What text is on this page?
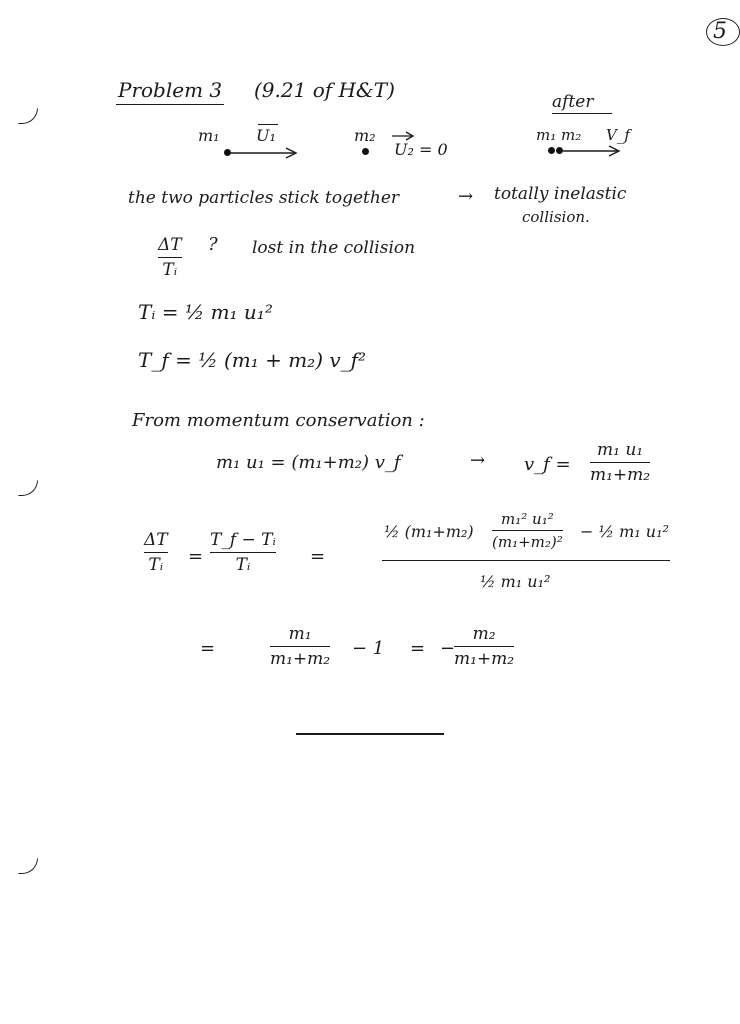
5
Problem 3 (9.21 of H&T)
m₁ U₁	m₂
U₂ = 0
after
m₁ m₂ V_f
the two particles stick together	→ totally inelastic
collision.
ΔT
Tᵢ
? lost in the collision
Tᵢ = ½ m₁ u₁²
T_f = ½ (m₁ + m₂) v_f²
From momentum conservation :
m₁ u₁ = (m₁+m₂) v_f	→ v_f =
m₁ u₁
m₁+m₂
ΔT
Tᵢ =
T_f − Tᵢ
Tᵢ	=
½ (m₁+m₂)
m₁² u₁²
(m₁+m₂)²
− ½ m₁ u₁²
½ m₁ u₁²
=
m₁
m₁+m₂ − 1 = −
m₂
m₁+m₂
